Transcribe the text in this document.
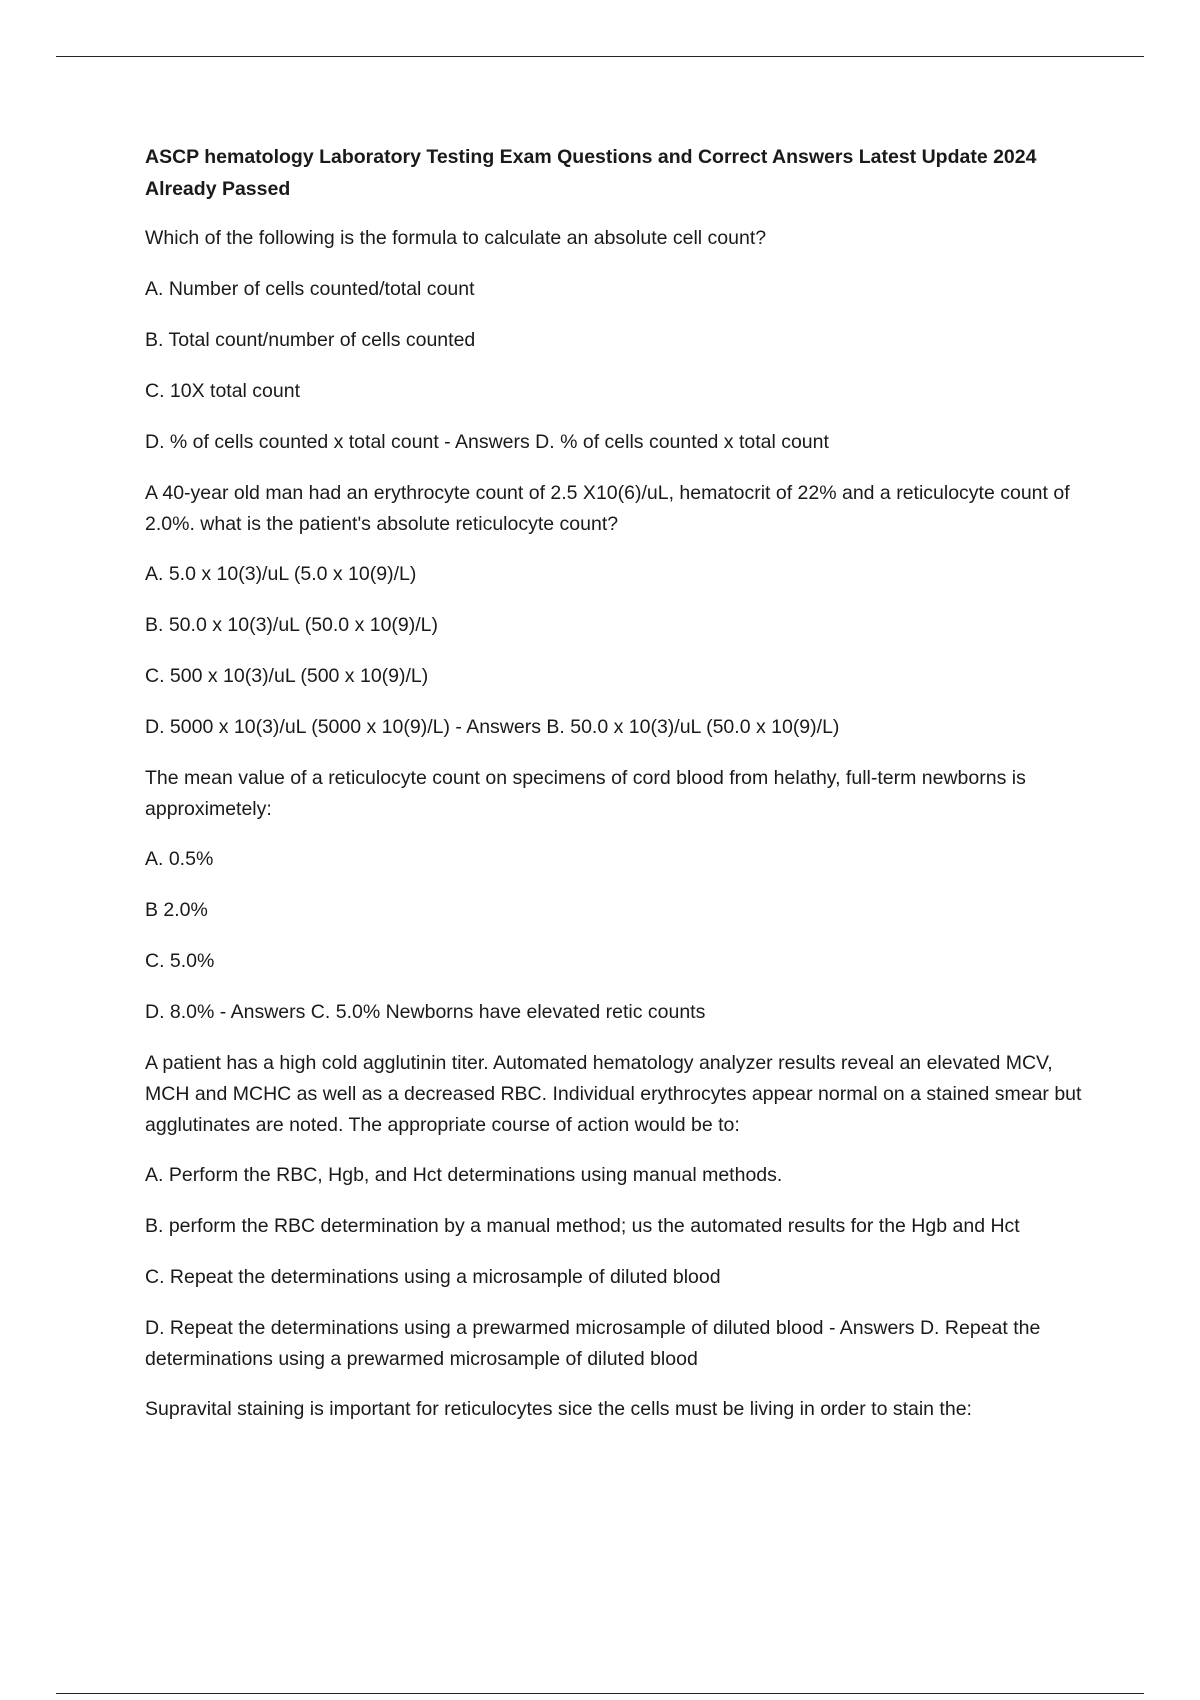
ASCP hematology Laboratory Testing Exam Questions and Correct Answers Latest Update 2024 Already Passed
Which of the following is the formula to calculate an absolute cell count?
A. Number of cells counted/total count
B. Total count/number of cells counted
C. 10X total count
D. % of cells counted x total count - Answers D. % of cells counted x total count
A 40-year old man had an erythrocyte count of 2.5 X10(6)/uL, hematocrit of 22% and a reticulocyte count of 2.0%. what is the patient's absolute reticulocyte count?
A. 5.0 x 10(3)/uL (5.0 x 10(9)/L)
B. 50.0 x 10(3)/uL (50.0 x 10(9)/L)
C. 500 x 10(3)/uL (500 x 10(9)/L)
D. 5000 x 10(3)/uL (5000 x 10(9)/L) - Answers B. 50.0 x 10(3)/uL (50.0 x 10(9)/L)
The mean value of a reticulocyte count on specimens of cord blood from helathy, full-term newborns is approximetely:
A. 0.5%
B 2.0%
C. 5.0%
D. 8.0% - Answers C. 5.0% Newborns have elevated retic counts
A patient has a high cold agglutinin titer. Automated hematology analyzer results reveal an elevated MCV, MCH and MCHC as well as a decreased RBC. Individual erythrocytes appear normal on a stained smear but agglutinates are noted. The appropriate course of action would be to:
A. Perform the RBC, Hgb, and Hct determinations using manual methods.
B. perform the RBC determination by a manual method; us the automated results for the Hgb and Hct
C. Repeat the determinations using a microsample of diluted blood
D. Repeat the determinations using a prewarmed microsample of diluted blood - Answers D. Repeat the determinations using a prewarmed microsample of diluted blood
Supravital staining is important for reticulocytes sice the cells must be living in order to stain the:
